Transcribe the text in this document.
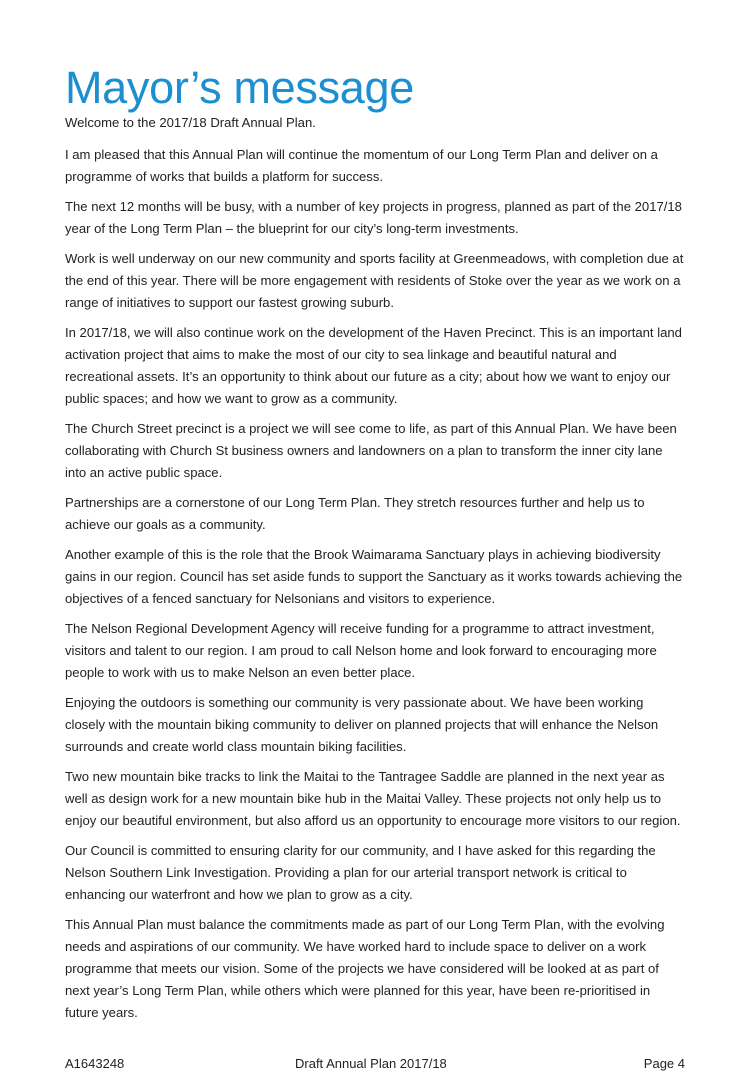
Mayor’s message

Welcome to the 2017/18 Draft Annual Plan.

I am pleased that this Annual Plan will continue the momentum of our Long Term Plan and deliver on a programme of works that builds a platform for success.

The next 12 months will be busy, with a number of key projects in progress, planned as part of the 2017/18 year of the Long Term Plan – the blueprint for our city’s long-term investments.

Work is well underway on our new community and sports facility at Greenmeadows, with completion due at the end of this year. There will be more engagement with residents of Stoke over the year as we work on a range of initiatives to support our fastest growing suburb.

In 2017/18, we will also continue work on the development of the Haven Precinct. This is an important land activation project that aims to make the most of our city to sea linkage and beautiful natural and recreational assets. It’s an opportunity to think about our future as a city; about how we want to enjoy our public spaces; and how we want to grow as a community.

The Church Street precinct is a project we will see come to life, as part of this Annual Plan. We have been collaborating with Church St business owners and landowners on a plan to transform the inner city lane into an active public space.

Partnerships are a cornerstone of our Long Term Plan. They stretch resources further and help us to achieve our goals as a community.

Another example of this is the role that the Brook Waimarama Sanctuary plays in achieving biodiversity gains in our region. Council has set aside funds to support the Sanctuary as it works towards achieving the objectives of a fenced sanctuary for Nelsonians and visitors to experience.

The Nelson Regional Development Agency will receive funding for a programme to attract investment, visitors and talent to our region. I am proud to call Nelson home and look forward to encouraging more people to work with us to make Nelson an even better place.

Enjoying the outdoors is something our community is very passionate about. We have been working closely with the mountain biking community to deliver on planned projects that will enhance the Nelson surrounds and create world class mountain biking facilities.

Two new mountain bike tracks to link the Maitai to the Tantragee Saddle are planned in the next year as well as design work for a new mountain bike hub in the Maitai Valley. These projects not only help us to enjoy our beautiful environment, but also afford us an opportunity to encourage more visitors to our region.

Our Council is committed to ensuring clarity for our community, and I have asked for this regarding the Nelson Southern Link Investigation. Providing a plan for our arterial transport network is critical to enhancing our waterfront and how we plan to grow as a city.

This Annual Plan must balance the commitments made as part of our Long Term Plan, with the evolving needs and aspirations of our community. We have worked hard to include space to deliver on a work programme that meets our vision. Some of the projects we have considered will be looked at as part of next year’s Long Term Plan, while others which were planned for this year, have been re-prioritised in future years.

A1643248	Draft Annual Plan 2017/18	Page 4
